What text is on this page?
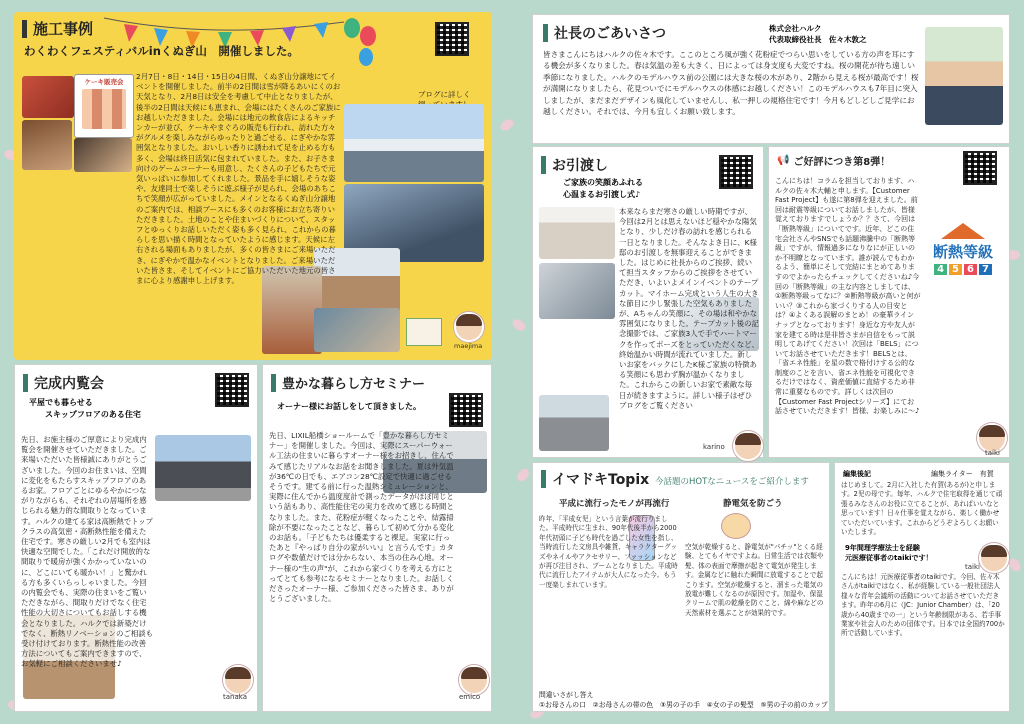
施工事例
わくわくフェスティバルinくぬぎ山　開催しました。
ブログに詳しく

ケーキ販売会
maejima
2月7日・8日・14日・15日の4日間、くぬぎ山分譲地にてイベントを開催しました。前半の2日間は雪が降るあいにくのお天気となり、2月8日は安全を考慮して中止となりましたが、後半の2日間は天候にも恵まれ、会場にはたくさんのご家族にお越しいただきました。会場には地元の飲食店によるキッチンカーが並び、ケーキやまぐろの販売も行われ、訪れた方々がグルメを楽しみながらゆったりと過ごせる、にぎやかな雰囲気となりました。おいしい香りに誘われて足を止める方も多く、会場は終日活気に包まれていました。また、お子さま向けのゲームコーナーも用意し、たくさんの子どもたちで元気いっぱいに参加してくれました。景品を手に嬉しそうな姿や、友達同士で楽しそうに遊ぶ様子が見られ、会場のあちこちで笑顔が広がっていました。メインとなるくぬぎ山分譲地のご案内では、相談ブースにも多くのお客様にお立ち寄りいただきました。土地のことや住まいづくりについて、スタッフとゆっくりお話しいただく姿も多く見られ、これからの暮らしを思い描く時間となっていたように感じます。天候に左右される場面もありましたが、多くの皆さまにご来場いただき、にぎやかで温かなイベントとなりました。ご来場いただいた皆さま、そしてイベントにご協力いただいた地元の皆さまに心より感謝申し上げます。
社長のごあいさつ	株式会社ハルク
代表取締役社長　佐々木敦之
皆さまこんにちはハルクの佐々木です。ここのところ風が強く花粉症でつらい思いをしている方の声を耳にする機会が多くなりました。春は気温の差も大きく、日によっては身支度も大変ですね。桜の開花が待ち遠しい季節になりました。ハルクのモデルハウス前の公園には大きな桜の木があり、2階から見える桜が最高です！桜が満開になりましたら、花見ついでにモデルハウスの体感にお越しください！このモデルハウスも7年目に突入しましたが、まだまだデザインも風化していませんし、私一押しの規格住宅です！今月もどしどしご見学にお越しください。それでは、今月も宜しくお願い致します。
お引渡し
ご家族の笑顔あふれる
心温まるお引渡し式♪
karino
本来ならまだ寒さの厳しい時期ですが、今回は2月とは思えないほど穏やかな陽気となり、少しだけ春の訪れを感じられる一日となりました。そんなよき日に、K様邸のお引渡しを無事迎えることができました。はじめに社長からのご挨拶、続いて担当スタッフからのご挨拶をさせていただき、いよいよメインイベントのテープカット。マイホーム完成という人生の大きな節目に少し緊張した空気もありましたが、Aちゃんの笑顔に、その場は和やかな雰囲気になりました。テープカット後の記念撮影では、ご家族3人で手でハートマークを作ってポーズをとっていただくなど、終始温かい時間が流れていました。新しいお家をバックにしたK様ご家族の特徴ある笑顔にも思わず胸が温かくなりました。これからこの新しいお家で素敵な毎日が続きますように。詳しい様子はぜひブログをご覧ください
📢 ご好評につき第8弾！
断熱等級
4 5 6 7
taiki
こんにちは！コラムを担当しております、ハルクの佐々木大輔と申します。【Customer Fast Project】も遂に第8弾を迎えました。前回は耐震等級についてお話しましたが、皆様覚えておりますでしょうか？？さて、今回は「断熱等級」についてです。近年、どこの住宅会社さんやSNSでも話題沸騰中の「断熱等級」ですが、情報過多になりなにが正しいのか不明瞭となっています。誰が読んでもわかるよう、簡単にそして完結にまとめてありますのでよかったらチェックしてくださいね♪今回の「断熱等級」の主な内容としましては、①断熱等級ってなに？②断熱等級が高いと何がいい？③これから家づくりする人の目安とは？④よくある誤解のまとめ！の豪華ラインナップとなっております！身近な方や友人が家を建てる時は是非皆さまが自信をもって説明してあげてください！次回は「BELS」についてお話させていただきます！BELSとは、「省エネ性能」を星の数で格付けする公的な制度のことを言い、省エネ性能を可視化できるだけではなく、資産価値に直結するため非常に重要なものです。詳しくは次回の【Customer Fast Projectシリーズ】にてお話させていただきます！皆様、お楽しみに〜♪
完成内覧会
平屋でも暮らせる
　　スキップフロアのある住宅
tanaka
先日、お施主様のご厚意により完成内覧会を開催させていただきました。ご来場いただいた皆様誠にありがとうございました。今回のお住まいは、空間に変化をもたらすスキップフロアのあるお家。フロアごとにゆるやかにつながりながらも、それぞれの居場所を感じられる魅力的な間取りとなっています。ハルクの建てる家は高断熱でトップクラスの高気密・高断熱性能を備えた住宅です。寒さの厳しい2月でも室内は快適な空間でした。「これだけ開放的な間取りで暖房が強くかかっていないのに、どこにいても暖かい！」と驚かれる方も多くいらっしゃいました。今回の内覧会でも、実際の住まいをご覧いただきながら、間取りだけでなく住宅性能の大切さについてもお話しする機会となりました。ハルクでは新築だけでなく、断熱リノベーションのご相談も受け付けております。断熱性能の改善方法についてもご案内できますので、お気軽にご相談くださいませ♪
豊かな暮らし方セミナー
オーナー様にお話しをして頂きました。
emico
先日、LIXIL船橋ショールームで「豊かな暮らし方セミナー」を開催しました。今回は、実際にスーパーウォール工法の住まいに暮らすオーナー様をお招きし、住んでみて感じたリアルなお話をお聞きしました。夏は外気温が36℃の日でも、エアコン28℃設定で快適に過ごせるそうです。建てる前に行った温熱シミュレーションと、実際に住んでから温度度計で測ったデータがほぼ同じという話もあり、高性能住宅の実力を改めて感じる時間となりました。また、花粉症が軽くなったことや、結露掃除が不要になったことなど、暮らして初めて分かる変化のお話も。「子どもたちは優柔すると裸足。実家に行ったあと『やっぱり自分の家がいい』と言うんです」カタログや数値だけでは分からない、本当の住み心地。オーナー様の"生の声"が、これから家づくりを考える方にとってとても参考になるセミナーとなりました。お話しくださったオーナー様、ご参加くださった皆さま、ありがとうございました。
イマドキTopix 今話題のHOTなニュースをご紹介します
平成に流行ったモノが再流行	静電気を防ごう
昨年、「平成女児」という言葉が流行りました。平成時代に生まれ、90年代後半から2000年代初頭に子ども時代を過ごした女性を指し、当時流行した文房具や雑貨、キャラクターグッズやネイルやアクセサリー、ファッションなどが再び注目され、ブームとなりました。平成時代に流行したアイテムが大人になった今、もう一度楽しまれています。
空気が乾燥すると、静電気が"パチッ"とくる経験、とてもイヤですよね。日常生活では衣類や髪、体の表面で摩擦が起きて電気が発生します。金属などに触れた瞬間に放電することで起こります。空気が乾燥すると、溜まった電気の放電が難しくなるのが原因です。加湿や、保湿クリームで肌の乾燥を防ぐこと、綿や麻などの天然素材を選ぶことが効果的です。
問違いさがし答え
①お母さんの口　②お母さんの帯の色　③男の子の手　④女の子の髪型　⑤男の子の前のカップ
編集後記	編集ライター　有賀
はじめまして。2月に入社した有賀(あるが)と申します。2児の母です。毎年、ハルクで住宅取得を通じて頑張るみなさんのお役に立てることが、あればいいなと思っています！日々仕事を覚えながら、楽しく働かせていただいています。これからどうぞよろしくお願いいたします。
9年間理学療法士を経験
元医療従事者のtaikiです！
taiki
こんにちは！元医療従事者のtaikiです。今回、佐々木さんがtaikiではなく、私が経験している一般社団法人様々な青年会議所の活動についてお話させていただきます。昨年の6月に（JC：Junior Chamber）は、「20歳から40歳までの一」という年齢制限がある、若手事業家や社会人のための団体です。日本では全国約700か所で活動しています。
